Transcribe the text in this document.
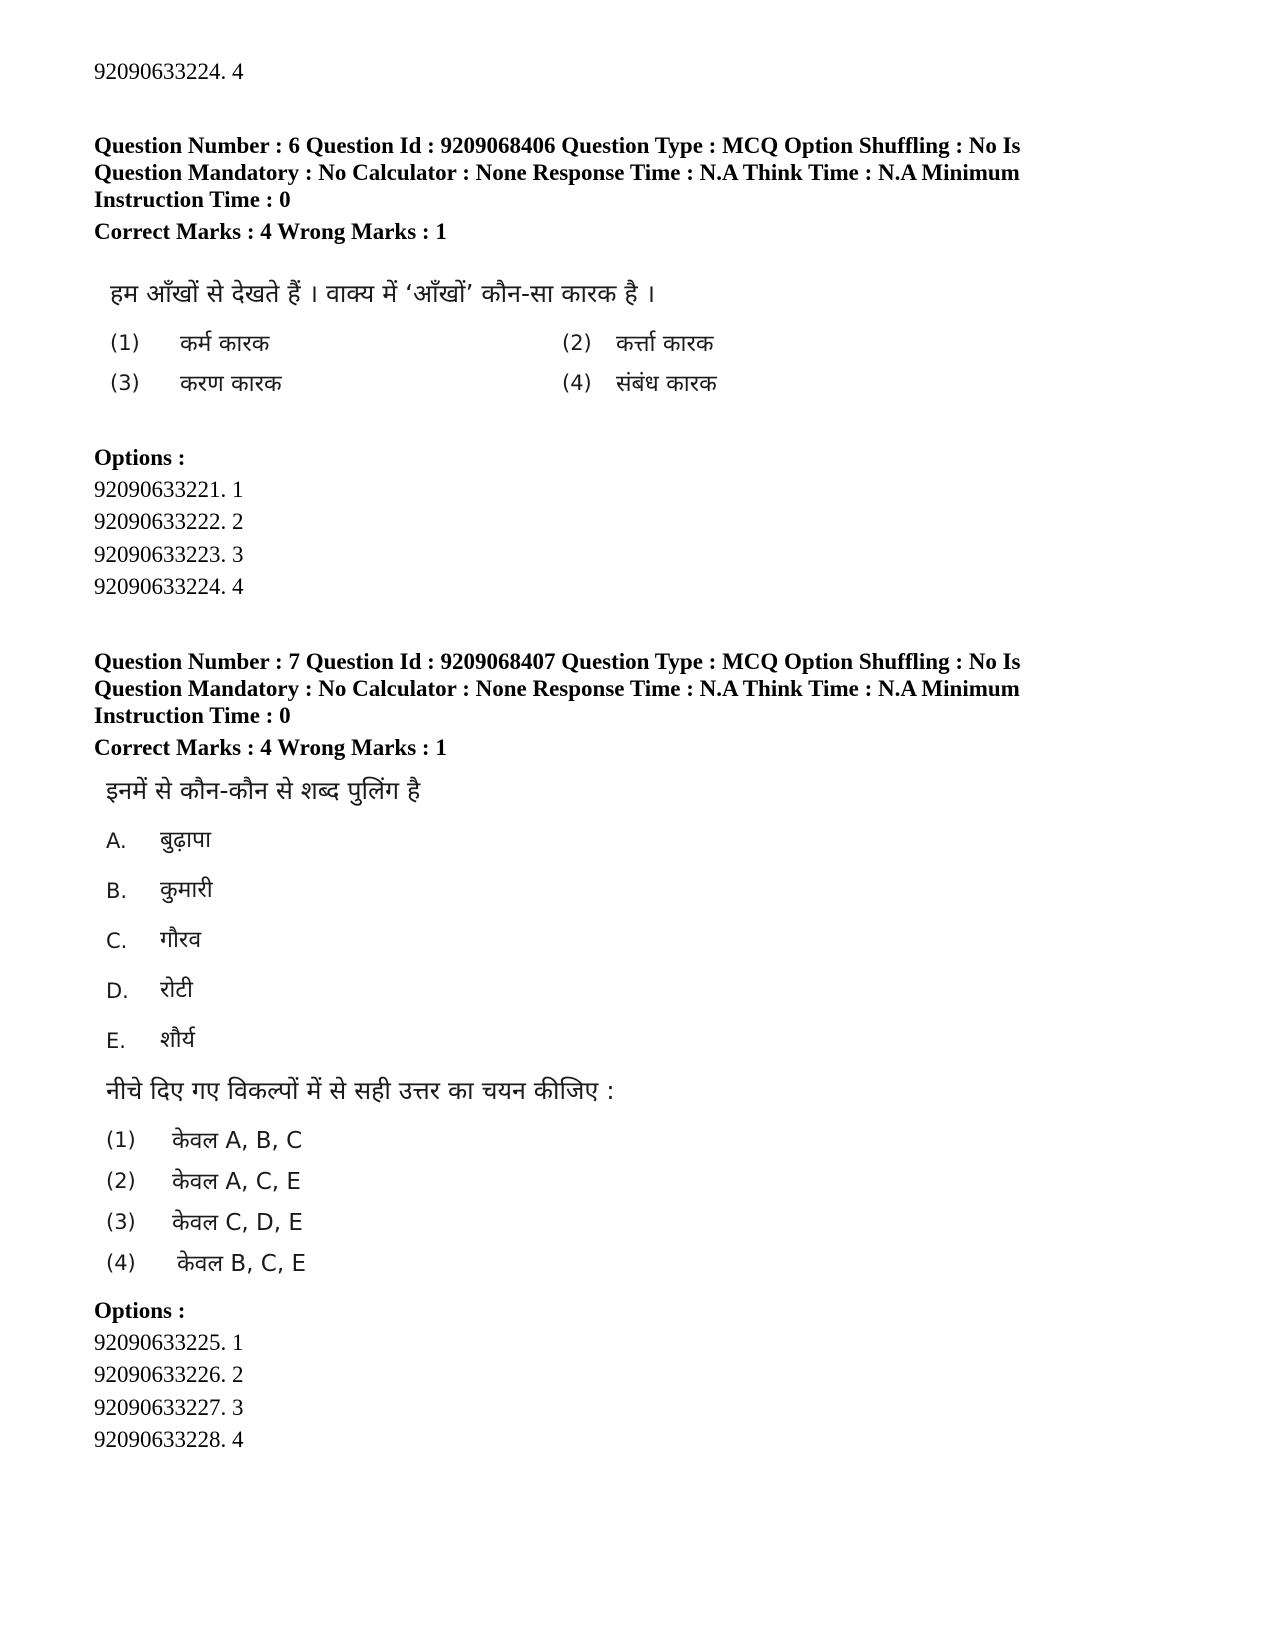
92090633224. 4
Question Number : 6 Question Id : 9209068406 Question Type : MCQ Option Shuffling : No Is
Question Mandatory : No Calculator : None Response Time : N.A Think Time : N.A Minimum
Instruction Time : 0
Correct Marks : 4 Wrong Marks : 1
हम आँखों से देखते हैं । वाक्य में ‘आँखों’ कौन-सा कारक है ।
(1) कर्म कारक	(2) कर्त्ता कारक
(3) करण कारक	(4) संबंध कारक
Options :
92090633221. 1
92090633222. 2
92090633223. 3
92090633224. 4
Question Number : 7 Question Id : 9209068407 Question Type : MCQ Option Shuffling : No Is
Question Mandatory : No Calculator : None Response Time : N.A Think Time : N.A Minimum
Instruction Time : 0
Correct Marks : 4 Wrong Marks : 1
इनमें से कौन-कौन से शब्द पुलिंग है
A. बुढ़ापा
B. कुमारी
C. गौरव
D. रोटी
E. शौर्य
नीचे दिए गए विकल्पों में से सही उत्तर का चयन कीजिए :
(1) केवल A, B, C
(2) केवल A, C, E
(3) केवल C, D, E
(4) केवल B, C, E
Options :
92090633225. 1
92090633226. 2
92090633227. 3
92090633228. 4
